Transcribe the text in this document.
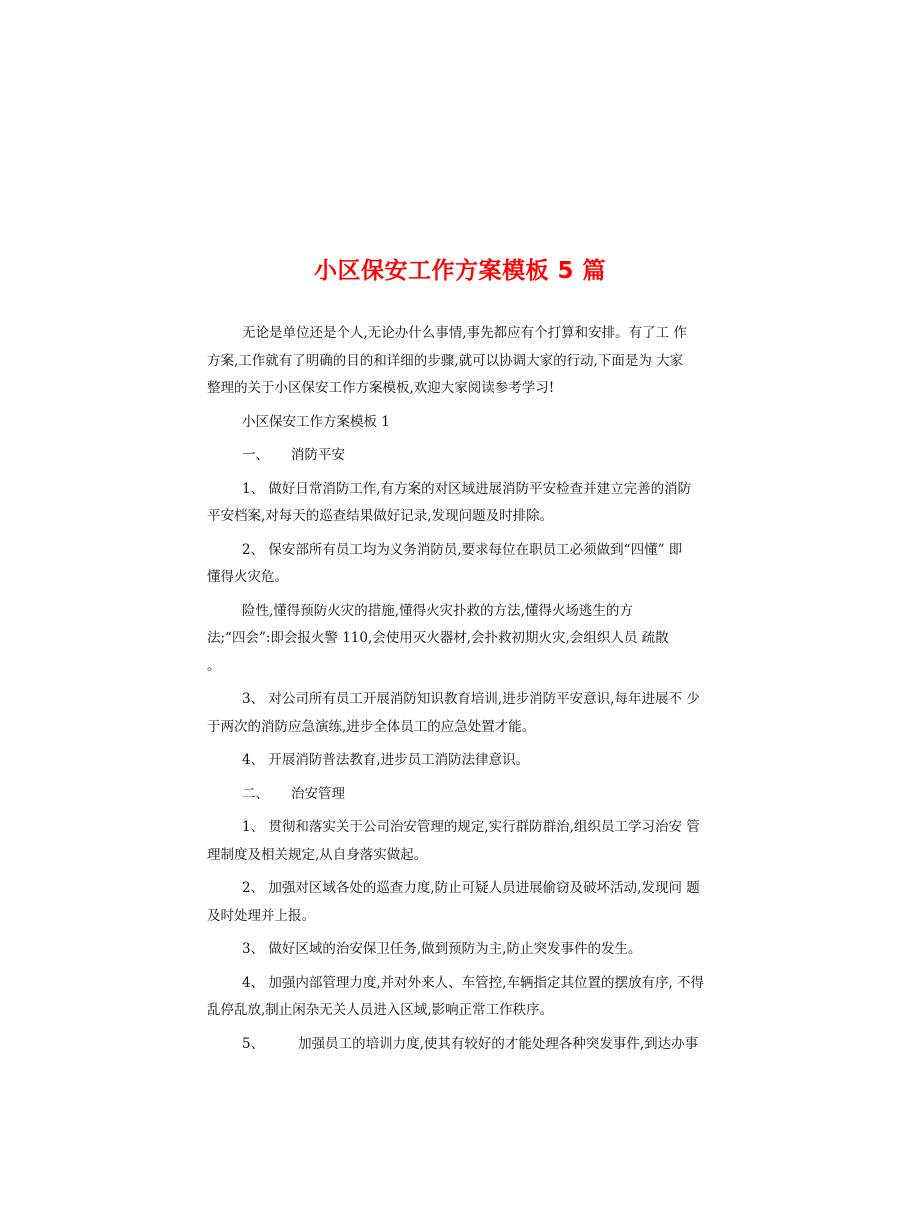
小区保安工作方案模板 5 篇
无论是单位还是个人,无论办什么事情,事先都应有个打算和安排。有了工 作
方案,工作就有了明确的目的和详细的步骤,就可以协调大家的行动,下面是为 大家
整理的关于小区保安工作方案模板,欢迎大家阅读参考学习!
小区保安工作方案模板 1
一、 消防平安
1、 做好日常消防工作,有方案的对区域进展消防平安检查并建立完善的消防
平安档案,对每天的巡查结果做好记录,发现问题及时排除。
2、 保安部所有员工均为义务消防员,要求每位在职员工必须做到“四懂” 即
懂得火灾危。
险性,懂得预防火灾的措施,懂得火灾扑救的方法,懂得火场逃生的方
法;“四会”:即会报火警 110,会使用灭火器材,会扑救初期火灾,会组织人员 疏散
。
3、 对公司所有员工开展消防知识教育培训,进步消防平安意识,每年进展不 少
于两次的消防应急演练,进步全体员工的应急处置才能。
4、 开展消防普法教育,进步员工消防法律意识。
二、 治安管理
1、 贯彻和落实关于公司治安管理的规定,实行群防群治,组织员工学习治安 管
理制度及相关规定,从自身落实做起。
2、 加强对区域各处的巡查力度,防止可疑人员进展偷窃及破坏活动,发现问 题
及时处理并上报。
3、 做好区域的治安保卫任务,做到预防为主,防止突发事件的发生。
4、 加强内部管理力度,并对外来人、车管控,车辆指定其位置的摆放有序, 不得
乱停乱放,制止闲杂无关人员进入区域,影响正常工作秩序。
5、	加强员工的培训力度,使其有较好的才能处理各种突发事件,到达办事
